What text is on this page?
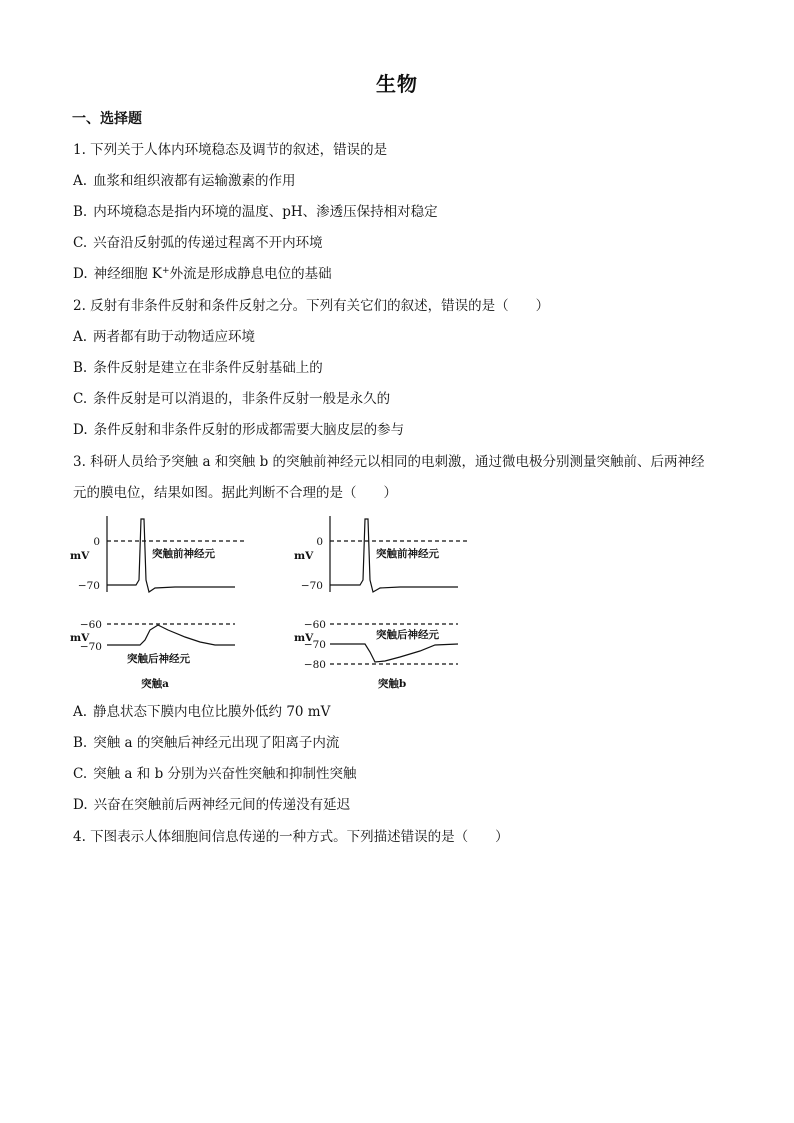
生物
一、选择题
1. 下列关于人体内环境稳态及调节的叙述，错误的是
A. 血浆和组织液都有运输激素的作用
B. 内环境稳态是指内环境的温度、pH、渗透压保持相对稳定
C. 兴奋沿反射弧的传递过程离不开内环境
D. 神经细胞 K+外流是形成静息电位的基础
2. 反射有非条件反射和条件反射之分。下列有关它们的叙述，错误的是（　　）
A. 两者都有助于动物适应环境
B. 条件反射是建立在非条件反射基础上的
C. 条件反射是可以消退的，非条件反射一般是永久的
D. 条件反射和非条件反射的形成都需要大脑皮层的参与
3. 科研人员给予突触 a 和突触 b 的突触前神经元以相同的电刺激，通过微电极分别测量突触前、后两神经
元的膜电位，结果如图。据此判断不合理的是（　　）
0
mV
−70
突触前神经元
−60
mV
−70
突触后神经元
突触a
0
mV
−70
突触前神经元
−60
mV
−70
−80
突触后神经元
突触b
A. 静息状态下膜内电位比膜外低约 70 mV
B. 突触 a 的突触后神经元出现了阳离子内流
C. 突触 a 和 b 分别为兴奋性突触和抑制性突触
D. 兴奋在突触前后两神经元间的传递没有延迟
4. 下图表示人体细胞间信息传递的一种方式。下列描述错误的是（　　）
